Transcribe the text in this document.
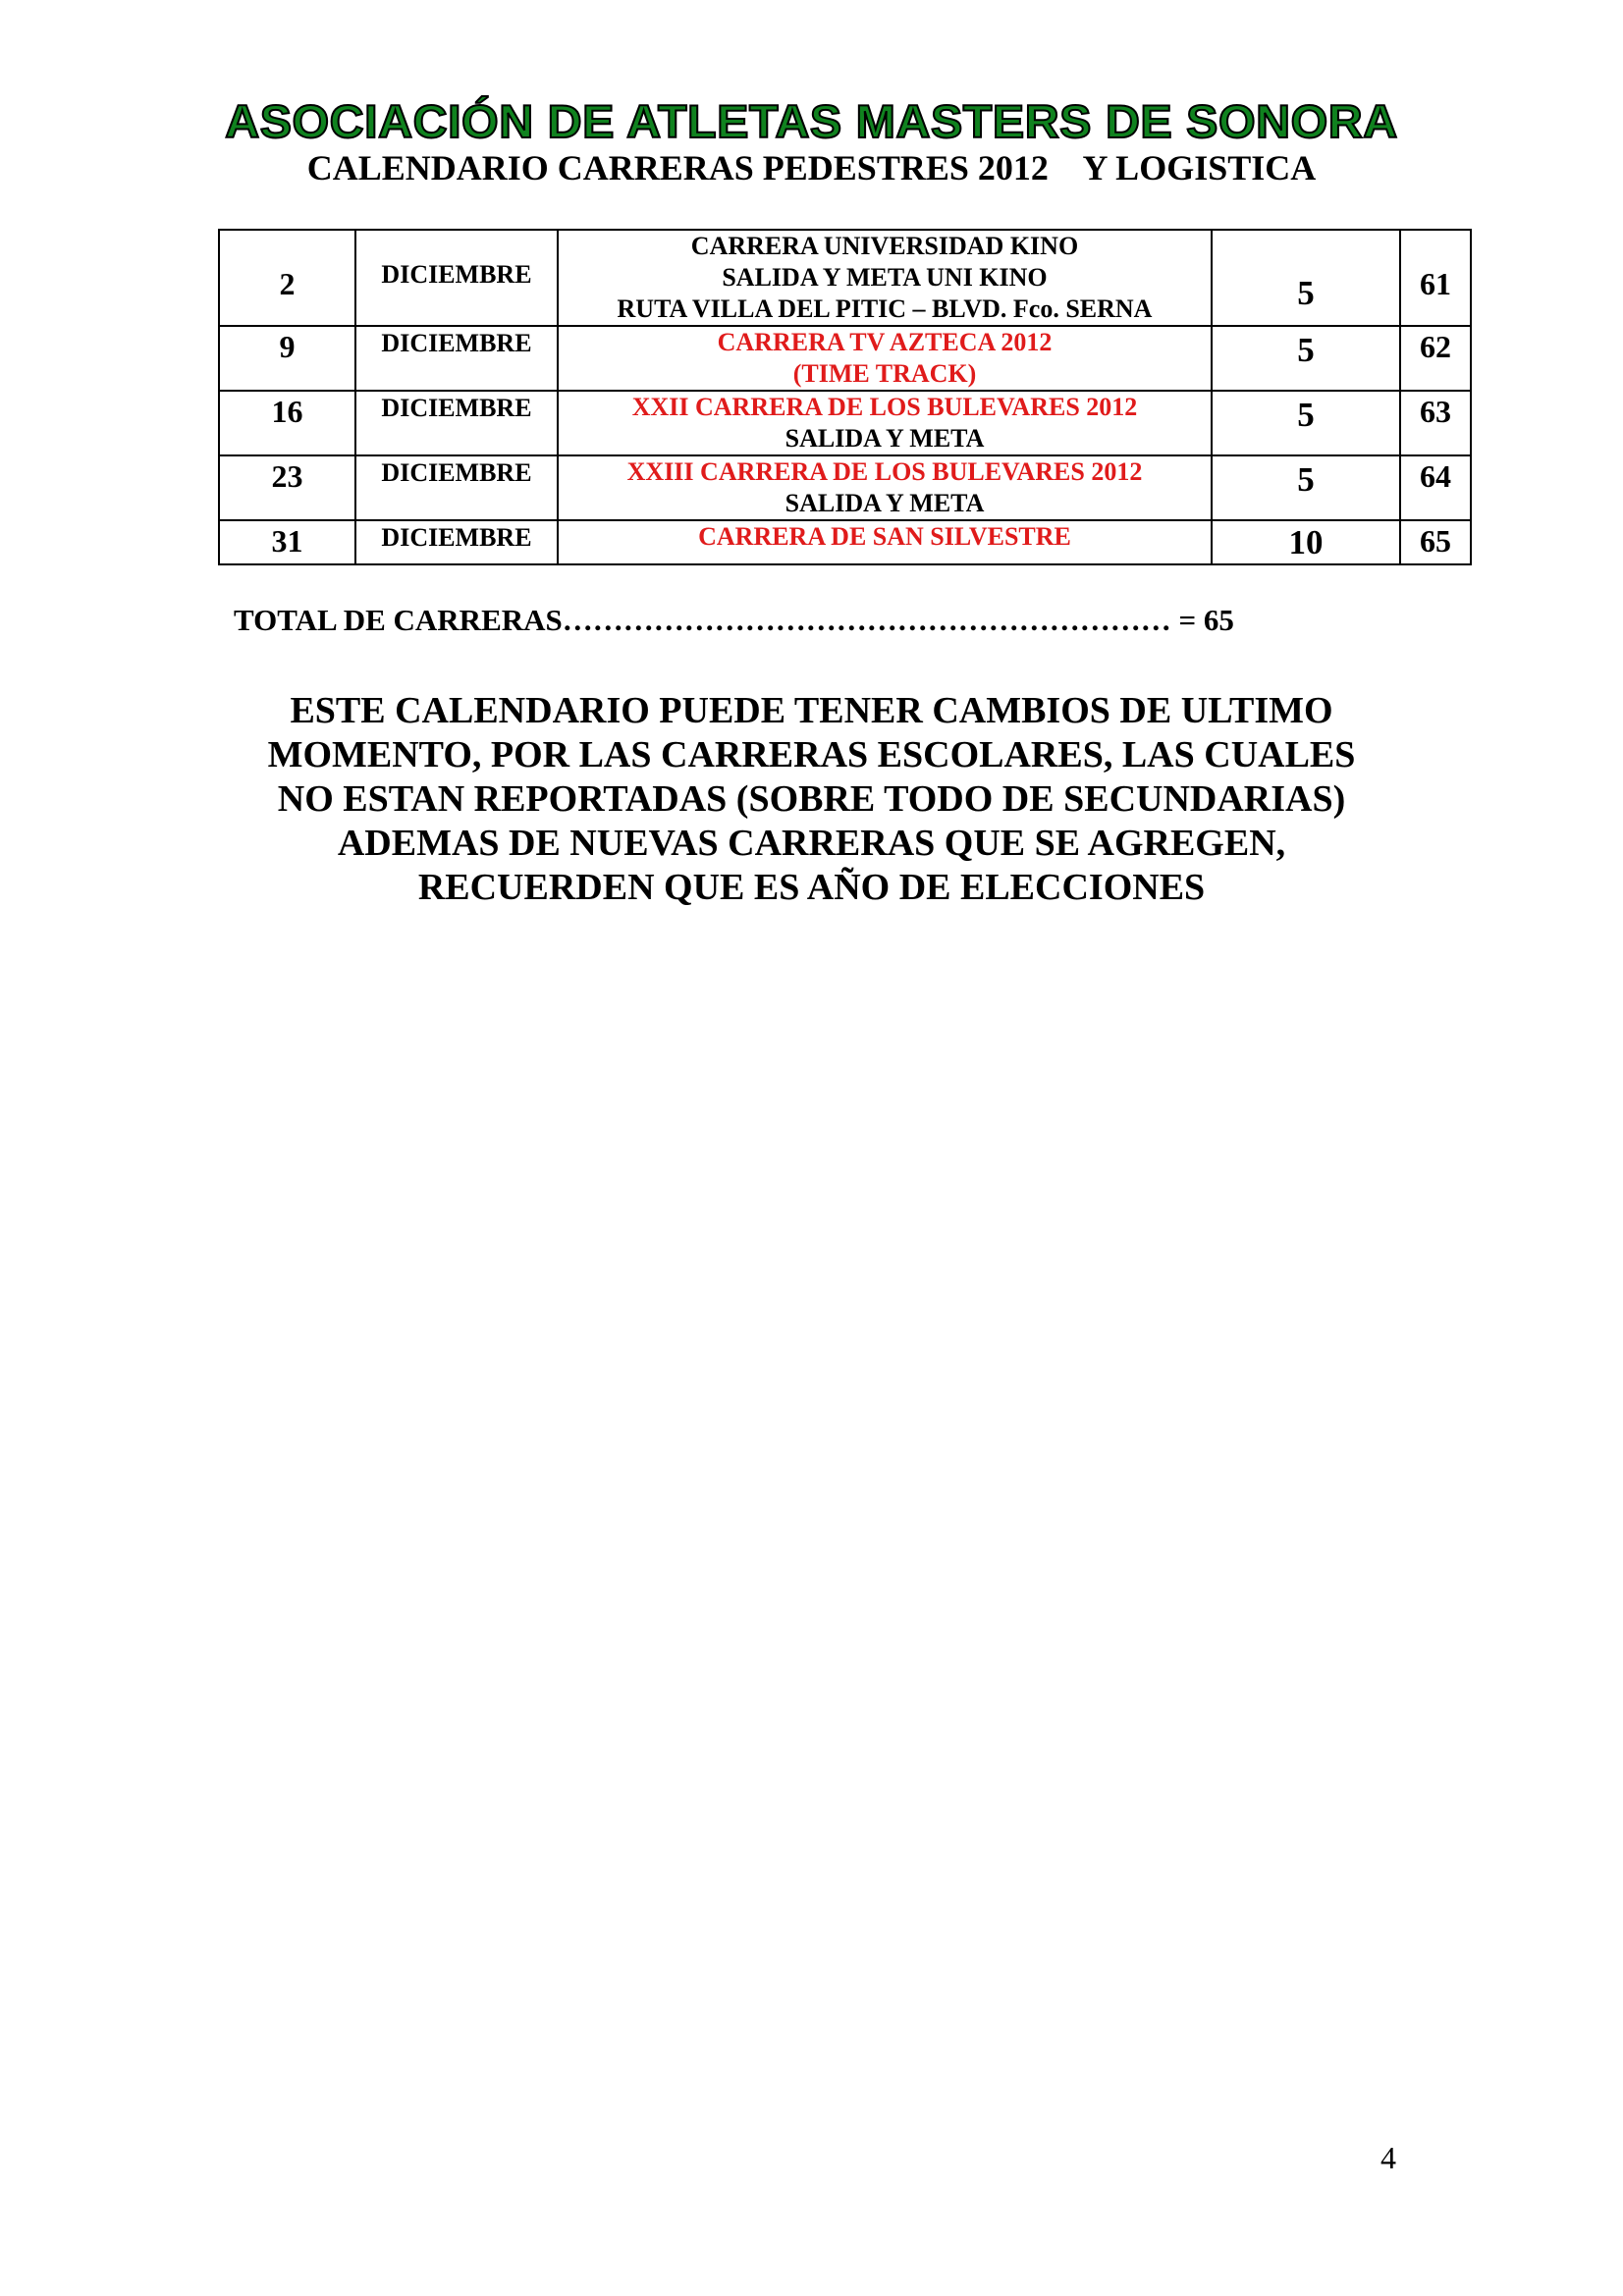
ASOCIACIÓN DE ATLETAS MASTERS DE SONORA
CALENDARIO CARRERAS PEDESTRES 2012    Y LOGISTICA
2	DICIEMBRE	CARRERA UNIVERSIDAD KINO
SALIDA Y META UNI KINO
RUTA VILLA DEL PITIC – BLVD. Fco. SERNA	5	61

9	DICIEMBRE	CARRERA TV AZTECA 2012
(TIME TRACK)	5	62

16	DICIEMBRE	XXII CARRERA DE LOS BULEVARES 2012
SALIDA Y META	5	63

23	DICIEMBRE	XXIII CARRERA DE LOS BULEVARES 2012
SALIDA Y META	5	64

31	DICIEMBRE	CARRERA DE SAN SILVESTRE	10	65
TOTAL DE CARRERAS…………………………………………………… = 65
ESTE CALENDARIO PUEDE TENER CAMBIOS DE ULTIMO
MOMENTO, POR LAS CARRERAS ESCOLARES, LAS CUALES
NO ESTAN REPORTADAS (SOBRE TODO DE SECUNDARIAS)
ADEMAS DE NUEVAS CARRERAS QUE SE AGREGEN,
RECUERDEN QUE ES AÑO DE ELECCIONES
4
